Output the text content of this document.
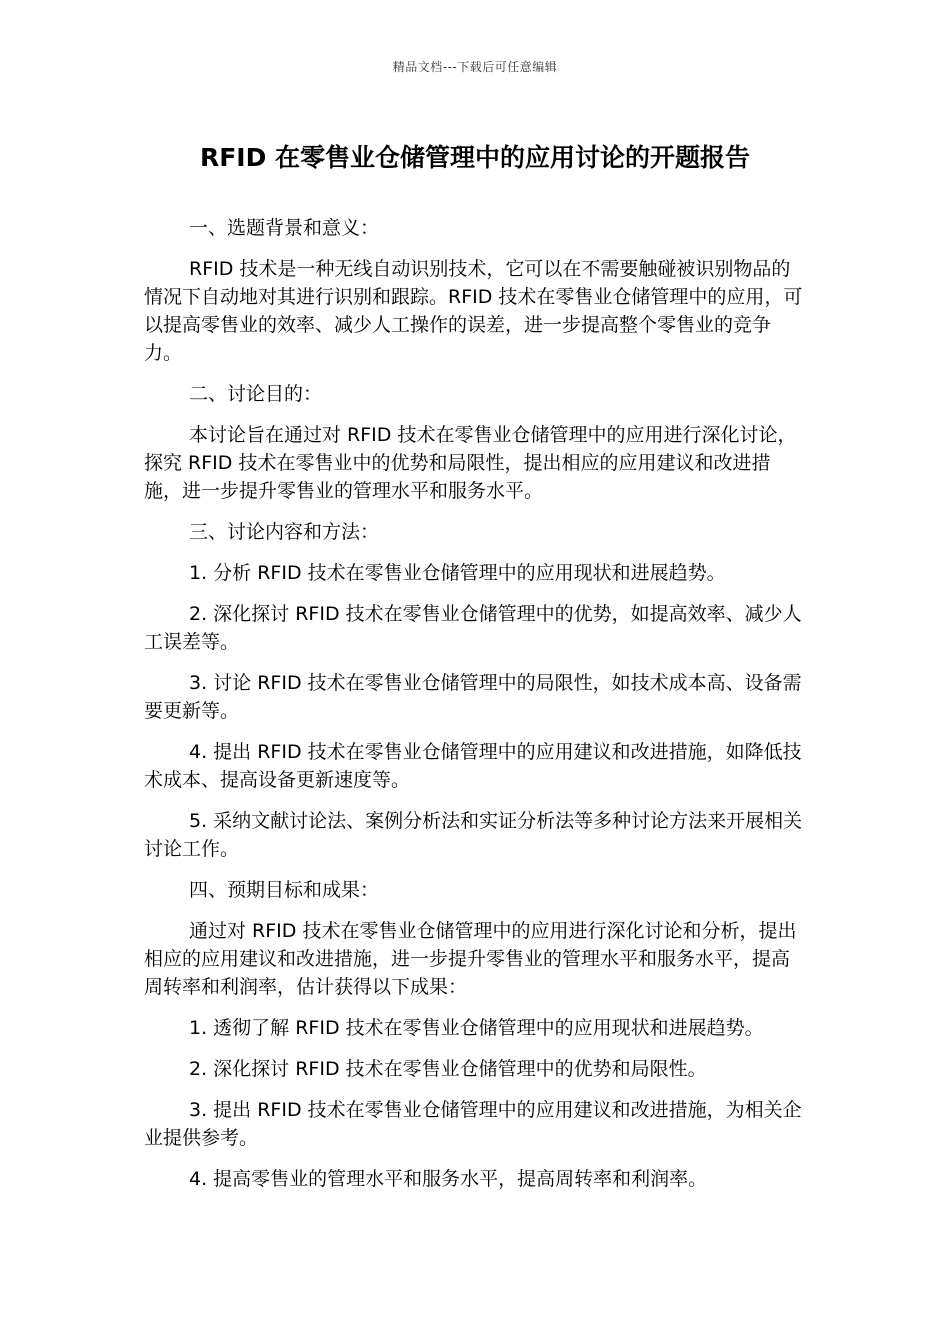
精品文档---下载后可任意编辑
RFID 在零售业仓储管理中的应用讨论的开题报告

一、选题背景和意义：

RFID 技术是一种无线自动识别技术，它可以在不需要触碰被识别物品的情况下自动地对其进行识别和跟踪。RFID 技术在零售业仓储管理中的应用，可以提高零售业的效率、减少人工操作的误差，进一步提高整个零售业的竞争力。

二、讨论目的：

本讨论旨在通过对 RFID 技术在零售业仓储管理中的应用进行深化讨论，探究 RFID 技术在零售业中的优势和局限性，提出相应的应用建议和改进措施，进一步提升零售业的管理水平和服务水平。

三、讨论内容和方法：

1. 分析 RFID 技术在零售业仓储管理中的应用现状和进展趋势。

2. 深化探讨 RFID 技术在零售业仓储管理中的优势，如提高效率、减少人工误差等。

3. 讨论 RFID 技术在零售业仓储管理中的局限性，如技术成本高、设备需要更新等。

4. 提出 RFID 技术在零售业仓储管理中的应用建议和改进措施，如降低技术成本、提高设备更新速度等。

5. 采纳文献讨论法、案例分析法和实证分析法等多种讨论方法来开展相关讨论工作。

四、预期目标和成果：

通过对 RFID 技术在零售业仓储管理中的应用进行深化讨论和分析，提出相应的应用建议和改进措施，进一步提升零售业的管理水平和服务水平，提高周转率和利润率，估计获得以下成果：

1. 透彻了解 RFID 技术在零售业仓储管理中的应用现状和进展趋势。

2. 深化探讨 RFID 技术在零售业仓储管理中的优势和局限性。

3. 提出 RFID 技术在零售业仓储管理中的应用建议和改进措施，为相关企业提供参考。

4. 提高零售业的管理水平和服务水平，提高周转率和利润率。
